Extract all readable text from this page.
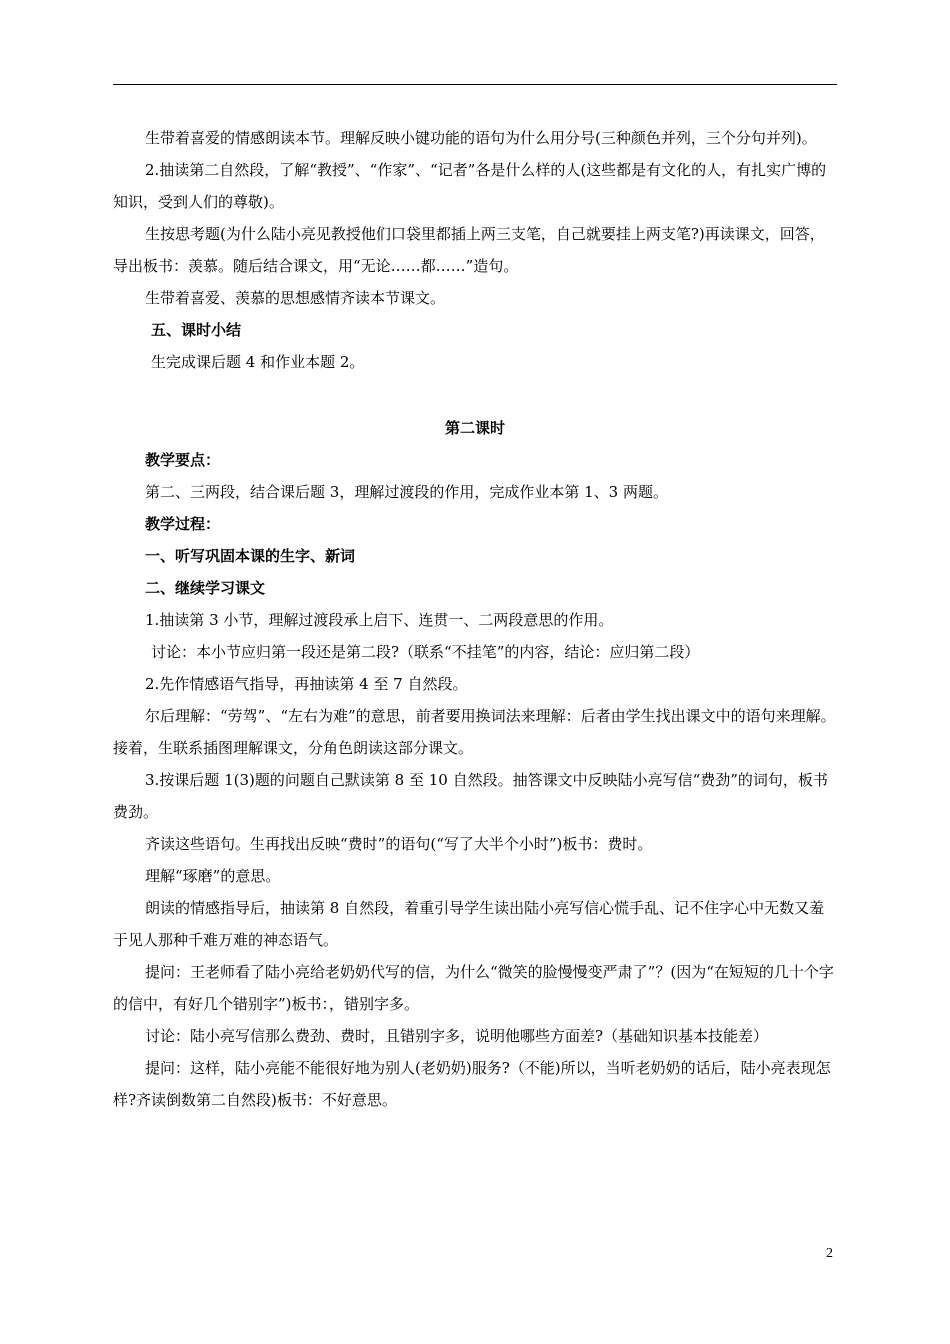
生带着喜爱的情感朗读本节。理解反映小键功能的语句为什么用分号(三种颜色并列，三个分句并列)。

2.抽读第二自然段，了解“教授”、“作家”、“记者”各是什么样的人(这些都是有文化的人，有扎实广博的知识，受到人们的尊敬)。

生按思考题(为什么陆小亮见教授他们口袋里都插上两三支笔，自己就要挂上两支笔?)再读课文，回答，导出板书：羡慕。随后结合课文，用“无论……都……”造句。

生带着喜爱、羡慕的思想感情齐读本节课文。

五、课时小结

生完成课后题 4 和作业本题 2。

第二课时

教学要点：

第二、三两段，结合课后题 3，理解过渡段的作用，完成作业本第 1、3 两题。

教学过程：

一、听写巩固本课的生字、新词

二、继续学习课文

1.抽读第 3 小节，理解过渡段承上启下、连贯一、二两段意思的作用。

讨论：本小节应归第一段还是第二段?（联系“不挂笔”的内容，结论：应归第二段）

2.先作情感语气指导，再抽读第 4 至 7 自然段。

尔后理解：“劳驾”、“左右为难”的意思，前者要用换词法来理解：后者由学生找出课文中的语句来理解。接着，生联系插图理解课文，分角色朗读这部分课文。

3.按课后题 1(3)题的问题自己默读第 8 至 10 自然段。抽答课文中反映陆小亮写信“费劲”的词句，板书费劲。

齐读这些语句。生再找出反映“费时”的语句(“写了大半个小时”)板书：费时。

理解“琢磨”的意思。

朗读的情感指导后，抽读第 8 自然段，着重引导学生读出陆小亮写信心慌手乱、记不住字心中无数又羞于见人那种千难万难的神态语气。

提问：王老师看了陆小亮给老奶奶代写的信，为什么“微笑的脸慢慢变严肃了”？(因为“在短短的几十个字的信中，有好几个错别字”)板书：，错别字多。

讨论：陆小亮写信那么费劲、费时，且错别字多，说明他哪些方面差?（基础知识基本技能差）

提问：这样，陆小亮能不能很好地为别人(老奶奶)服务?（不能)所以，当听老奶奶的话后，陆小亮表现怎样?齐读倒数第二自然段)板书：不好意思。

2
